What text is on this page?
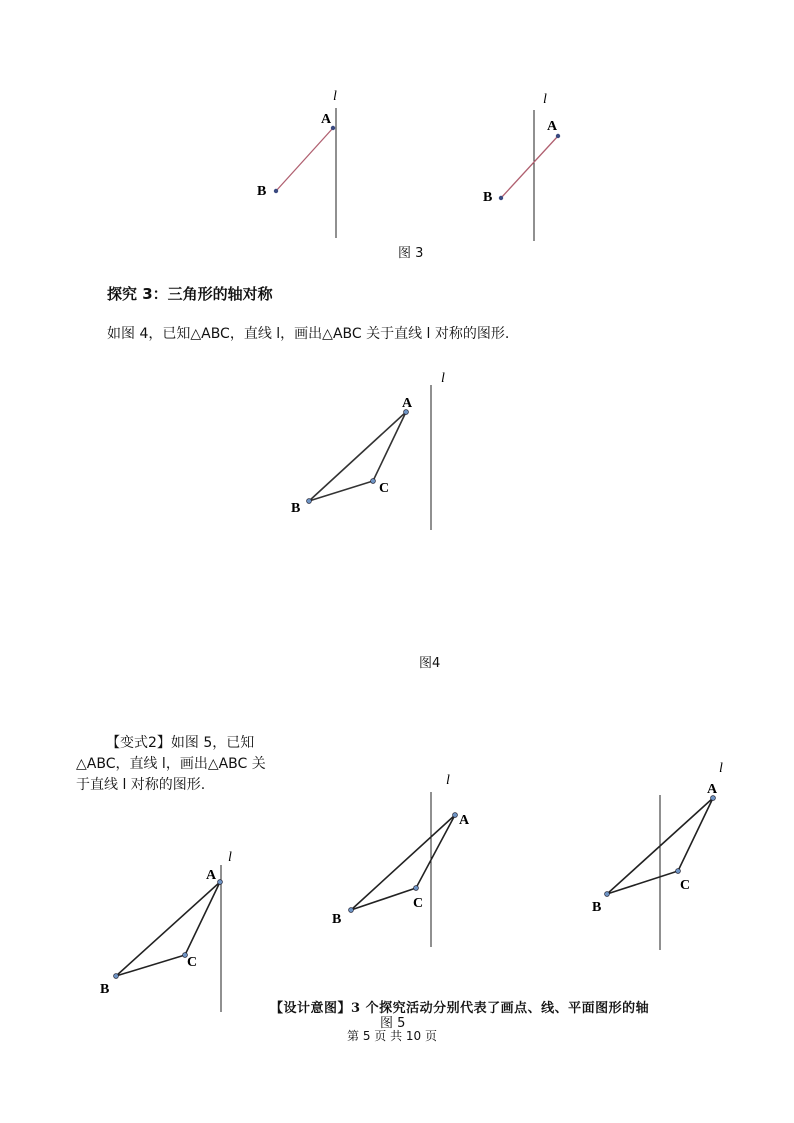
l
A
B
l
A
B
l
A
B
C
l
A
B
C
l
A
B
C
l
A
B
C
图 3
探究 3：三角形的轴对称
如图 4，已知△ABC，直线 l，画出△ABC 关于直线 l 对称的图形.
图4
【变式2】如图 5，已知△ABC，直线 l，画出△ABC 关于直线 l 对称的图形.
【设计意图】3 个探究活动分别代表了画点、线、平面图形的轴
图 5
第 5 页 共 10 页
